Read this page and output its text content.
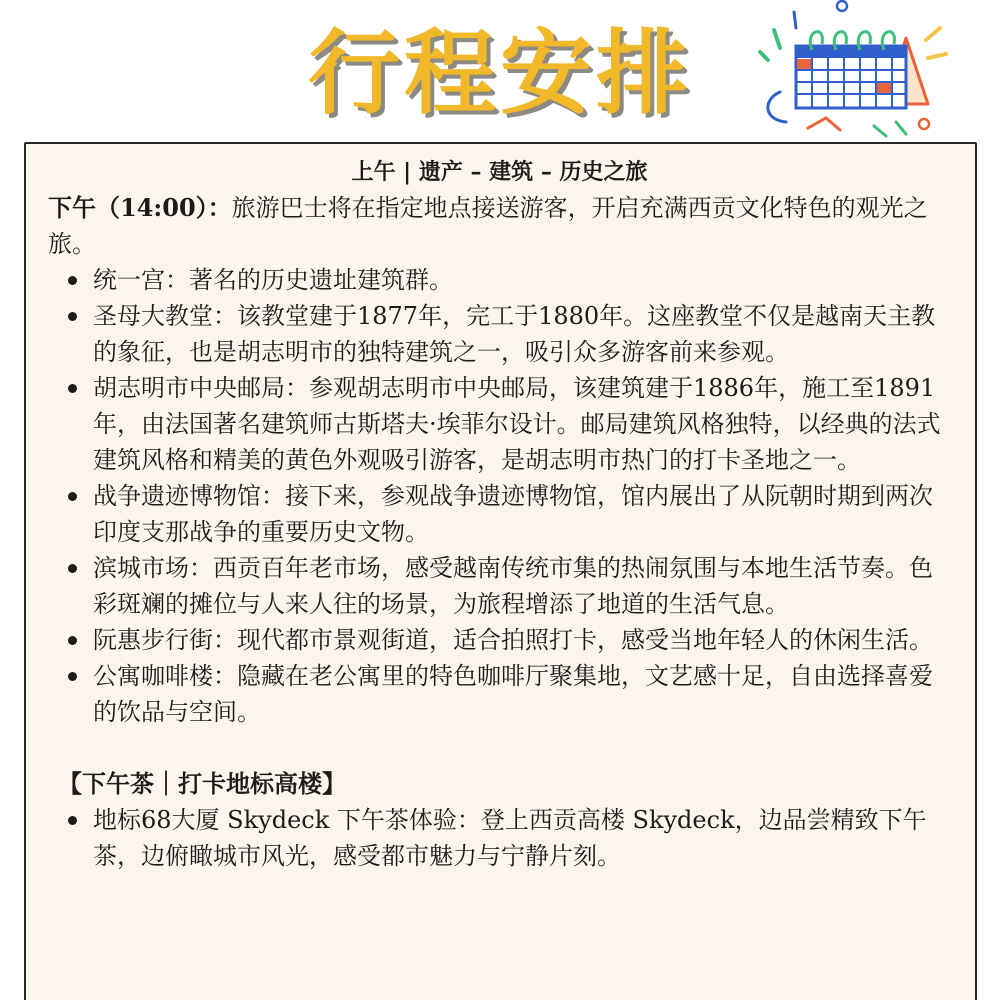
行程安排

上午 | 遗产 – 建筑 – 历史之旅

下午（14:00）：旅游巴士将在指定地点接送游客，开启充满西贡文化特色的观光之旅。

统一宫：著名的历史遗址建筑群。
圣母大教堂：该教堂建于1877年，完工于1880年。这座教堂不仅是越南天主教的象征，也是胡志明市的独特建筑之一，吸引众多游客前来参观。
胡志明市中央邮局：参观胡志明市中央邮局，该建筑建于1886年，施工至1891年，由法国著名建筑师古斯塔夫·埃菲尔设计。邮局建筑风格独特，以经典的法式建筑风格和精美的黄色外观吸引游客，是胡志明市热门的打卡圣地之一。
战争遗迹博物馆：接下来，参观战争遗迹博物馆，馆内展出了从阮朝时期到两次印度支那战争的重要历史文物。
滨城市场：西贡百年老市场，感受越南传统市集的热闹氛围与本地生活节奏。色彩斑斓的摊位与人来人往的场景，为旅程增添了地道的生活气息。
阮惠步行街：现代都市景观街道，适合拍照打卡，感受当地年轻人的休闲生活。
公寓咖啡楼：隐藏在老公寓里的特色咖啡厅聚集地，文艺感十足，自由选择喜爱的饮品与空间。

【下午茶｜打卡地标高楼】

地标68大厦 Skydeck 下午茶体验：登上西贡高楼 Skydeck，边品尝精致下午茶，边俯瞰城市风光，感受都市魅力与宁静片刻。
